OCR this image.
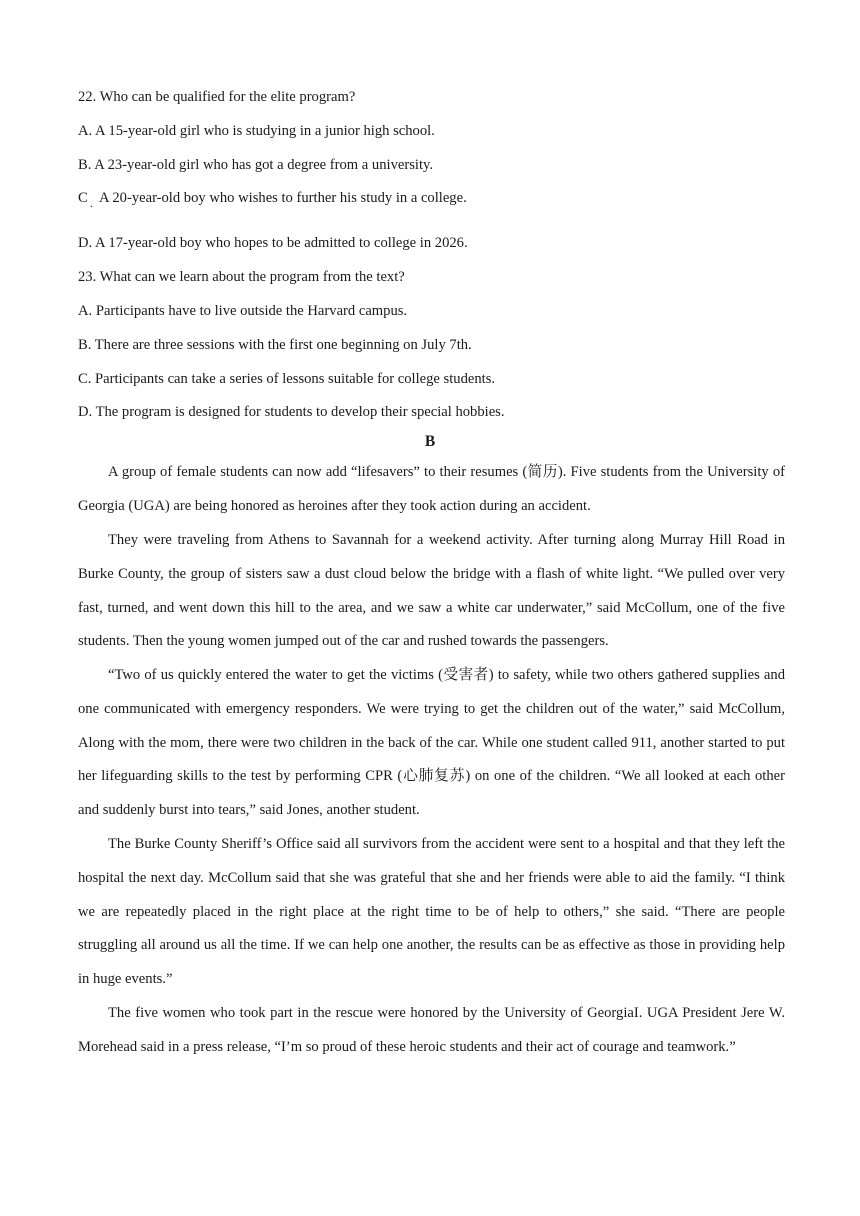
22. Who can be qualified for the elite program?

A. A 15-year-old girl who is studying in a junior high school.

B. A 23-year-old girl who has got a degree from a university.

C . A 20-year-old boy who wishes to further his study in a college.

D. A 17-year-old boy who hopes to be admitted to college in 2026.

23. What can we learn about the program from the text?

A. Participants have to live outside the Harvard campus.

B. There are three sessions with the first one beginning on July 7th.

C. Participants can take a series of lessons suitable for college students.

D. The program is designed for students to develop their special hobbies.

B

A group of female students can now add “lifesavers” to their resumes (简历). Five students from the University of Georgia (UGA) are being honored as heroines after they took action during an accident.

They were traveling from Athens to Savannah for a weekend activity. After turning along Murray Hill Road in Burke County, the group of sisters saw a dust cloud below the bridge with a flash of white light. “We pulled over very fast, turned, and went down this hill to the area, and we saw a white car underwater,” said McCollum, one of the five students. Then the young women jumped out of the car and rushed towards the passengers.

“Two of us quickly entered the water to get the victims (受害者) to safety, while two others gathered supplies and one communicated with emergency responders. We were trying to get the children out of the water,” said McCollum, Along with the mom, there were two children in the back of the car. While one student called 911, another started to put her lifeguarding skills to the test by performing CPR (心肺复苏) on one of the children. “We all looked at each other and suddenly burst into tears,” said Jones, another student.

The Burke County Sheriff’s Office said all survivors from the accident were sent to a hospital and that they left the hospital the next day. McCollum said that she was grateful that she and her friends were able to aid the family. “I think we are repeatedly placed in the right place at the right time to be of help to others,” she said. “There are people struggling all around us all the time. If we can help one another, the results can be as effective as those in providing help in huge events.”

The five women who took part in the rescue were honored by the University of GeorgiaI. UGA President Jere W. Morehead said in a press release, “I’m so proud of these heroic students and their act of courage and teamwork.”
